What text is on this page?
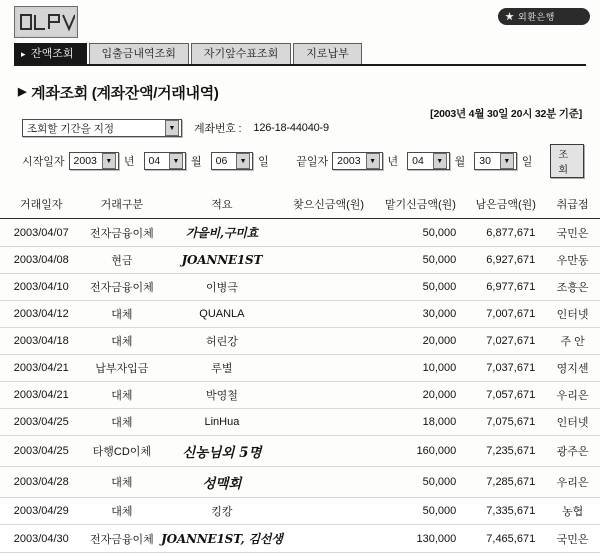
외환은행
▸ 잔액조회	입출금내역조회	자기앞수표조회	지로납부
▶ 계좌조회 (계좌잔액/거래내역)
[2003년 4월 30일 20시 32분 기준]
조회할 기간을 지정	▼	계좌번호 : 126-18-44040-9
시작일자 2003	▼	년 04	▼	월 06	▼	일	끝일자 2003	▼	년 04	▼	월 30	▼	일
조회
거래일자	거래구분	적요	찾으신금액(원)	맡기신금액(원)	남은금액(원)	취급점
2003/04/07	전자금융이체	가을비,구미효		50,000	6,877,671	국민은
2003/04/08	현금	JOANNE1ST		50,000	6,927,671	우만동
2003/04/10	전자금융이체	이병극		50,000	6,977,671	조흥은
2003/04/12	대체	QUANLA		30,000	7,007,671	인터넷
2003/04/18	대체	허린강		20,000	7,027,671	주 안
2003/04/21	납부자입금	루별		10,000	7,037,671	영지센
2003/04/21	대체	박영철		20,000	7,057,671	우리은
2003/04/25	대체	LinHua		18,000	7,075,671	인터넷
2003/04/25	타행CD이체	신농님외 5명		160,000	7,235,671	광주은
2003/04/28	대체	성맥회		50,000	7,285,671	우리은
2003/04/29	대체	킹캉		50,000	7,335,671	농협
2003/04/30	전자금융이체	JOANNE1ST, 김선생		130,000	7,465,671	국민은
